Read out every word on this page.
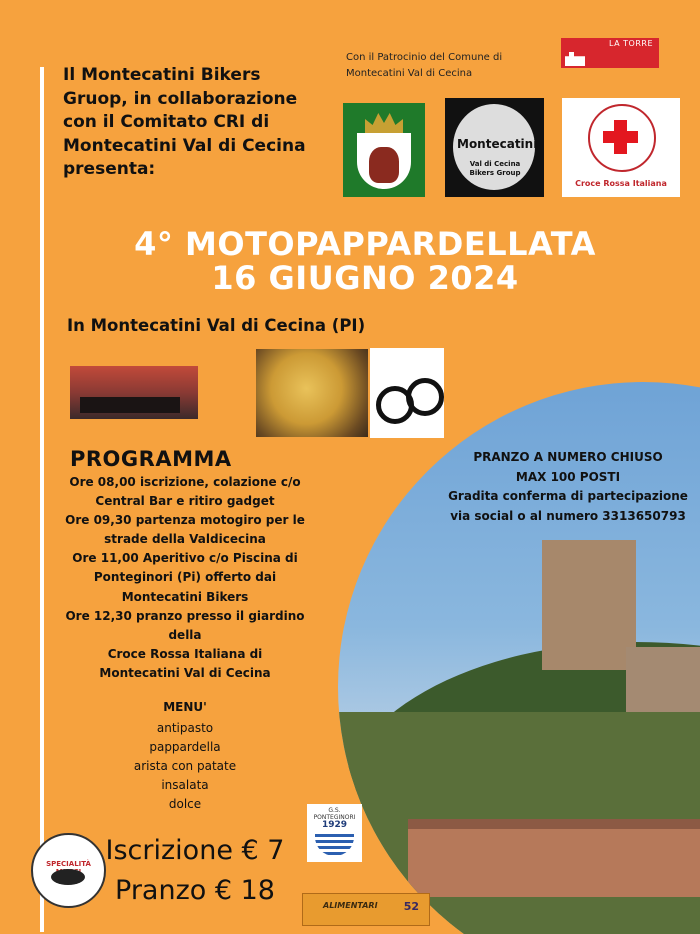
Il Montecatini Bikers
Gruop, in collaborazione
con il Comitato CRI di
Montecatini Val di Cecina
presenta:
Con il Patrocinio del Comune di
Montecatini Val di Cecina
LA TORRE
Montecatini
Val di Cecina Bikers Group
Croce Rossa Italiana
4° MOTOPAPPARDELLATA
16 GIUGNO 2024
In Montecatini Val di Cecina (PI)
PROGRAMMA
Ore 08,00 iscrizione, colazione c/o
Central Bar e ritiro gadget
Ore 09,30 partenza motogiro per le
strade della Valdicecina
Ore 11,00 Aperitivo c/o Piscina di
Ponteginori (Pi) offerto dai
Montecatini Bikers
Ore 12,30 pranzo presso il giardino
della
Croce Rossa Italiana di
Montecatini Val di Cecina
MENU'
antipasto
pappardella
arista con patate
insalata
dolce
PRANZO A NUMERO CHIUSO
MAX 100 POSTI
Gradita conferma di partecipazione
via social o al numero 3313650793
SPECIALITÀ Iscrizione € 7
Pranzo € 18
G.S. PONTEGINORI
1929
ALIMENTARI 52
